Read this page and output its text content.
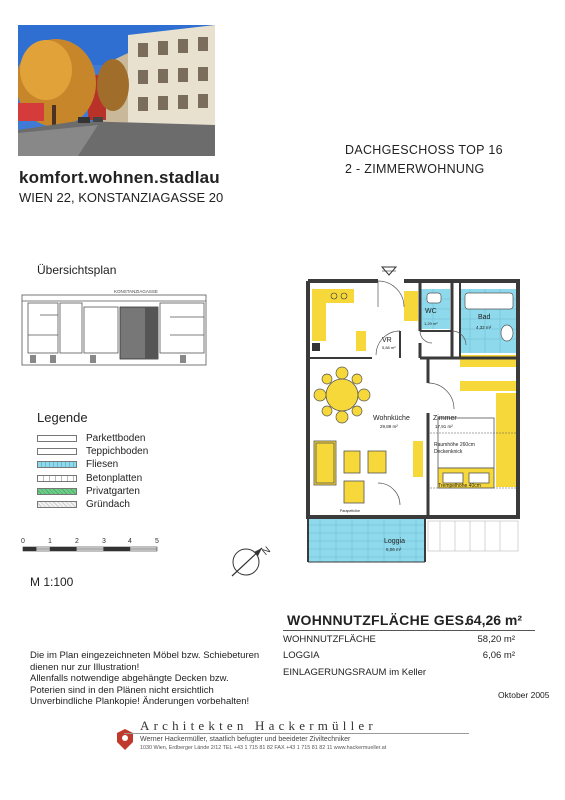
komfort.wohnen.stadlau
WIEN 22, KONSTANZIAGASSE 20
DACHGESCHOSS TOP 16
2 - ZIMMERWOHNUNG
Übersichtsplan
KONSTANZIAGASSE
Legende
Parkettboden
Teppichboden
Fliesen
Betonplatten
Privatgarten
Gründach
0	1	2	3	4	5
M 1:100
WC
1,29 m²
Bad
4,32 m²
VR
5,88 m²
Wohnküche
29,89 m²
Zimmer
17,91 m²
Loggia
6,06 m²
Raumhöhe 260cm
Deckenknick
Trempelhöhe 40cm
Parapethöhe
N
WOHNNUTZFLÄCHE GES.
64,26 m²
WOHNNUTZFLÄCHE	58,20 m²
LOGGIA	6,06 m²
EINLAGERUNGSRAUM im Keller
Oktober 2005
Die im Plan eingezeichneten Möbel bzw. Schiebeturen
dienen nur zur Illustration!
Allenfalls notwendige abgehängte Decken bzw.
Poterien sind in den Plänen nicht ersichtlich
Unverbindliche Plankopie! Änderungen vorbehalten!
Architekten Hackermüller
Werner Hackermüller, staatlich befugter und beeideter Ziviltechniker
1030 Wien, Erdberger Lände 2/12 TEL +43 1 715 81 82 FAX +43 1 715 81 82 11 www.hackermueller.at
